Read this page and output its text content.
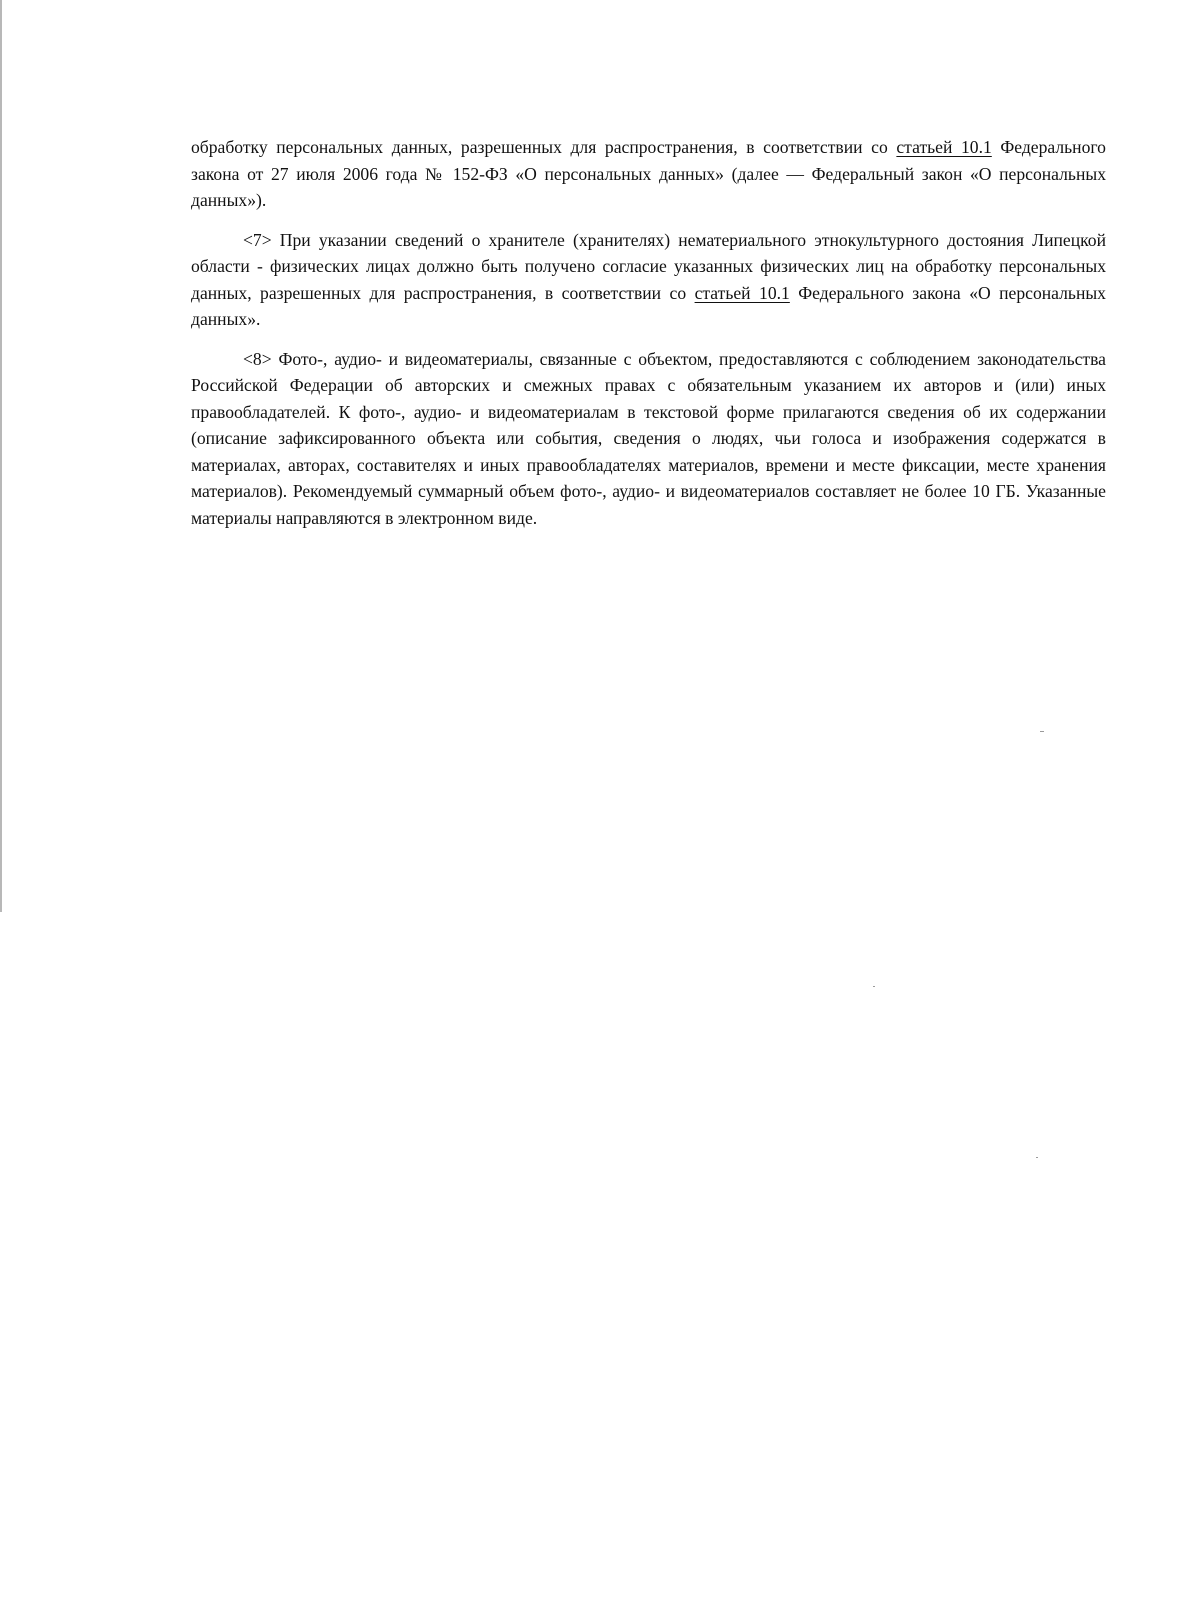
обработку персональных данных, разрешенных для распространения, в соответствии со статьей 10.1 Федерального закона от 27 июля 2006 года № 152-ФЗ «О персональных данных» (далее — Федеральный закон «О персональных данных»).

<7> При указании сведений о хранителе (хранителях) нематериального этнокультурного достояния Липецкой области - физических лицах должно быть получено согласие указанных физических лиц на обработку персональных данных, разрешенных для распространения, в соответствии со статьей 10.1 Федерального закона «О персональных данных».

<8> Фото-, аудио- и видеоматериалы, связанные с объектом, предоставляются с соблюдением законодательства Российской Федерации об авторских и смежных правах с обязательным указанием их авторов и (или) иных правообладателей. К фото-, аудио- и видеоматериалам в текстовой форме прилагаются сведения об их содержании (описание зафиксированного объекта или события, сведения о людях, чьи голоса и изображения содержатся в материалах, авторах, составителях и иных правообладателях материалов, времени и месте фиксации, месте хранения материалов). Рекомендуемый суммарный объем фото-, аудио- и видеоматериалов составляет не более 10 ГБ. Указанные материалы направляются в электронном виде.
